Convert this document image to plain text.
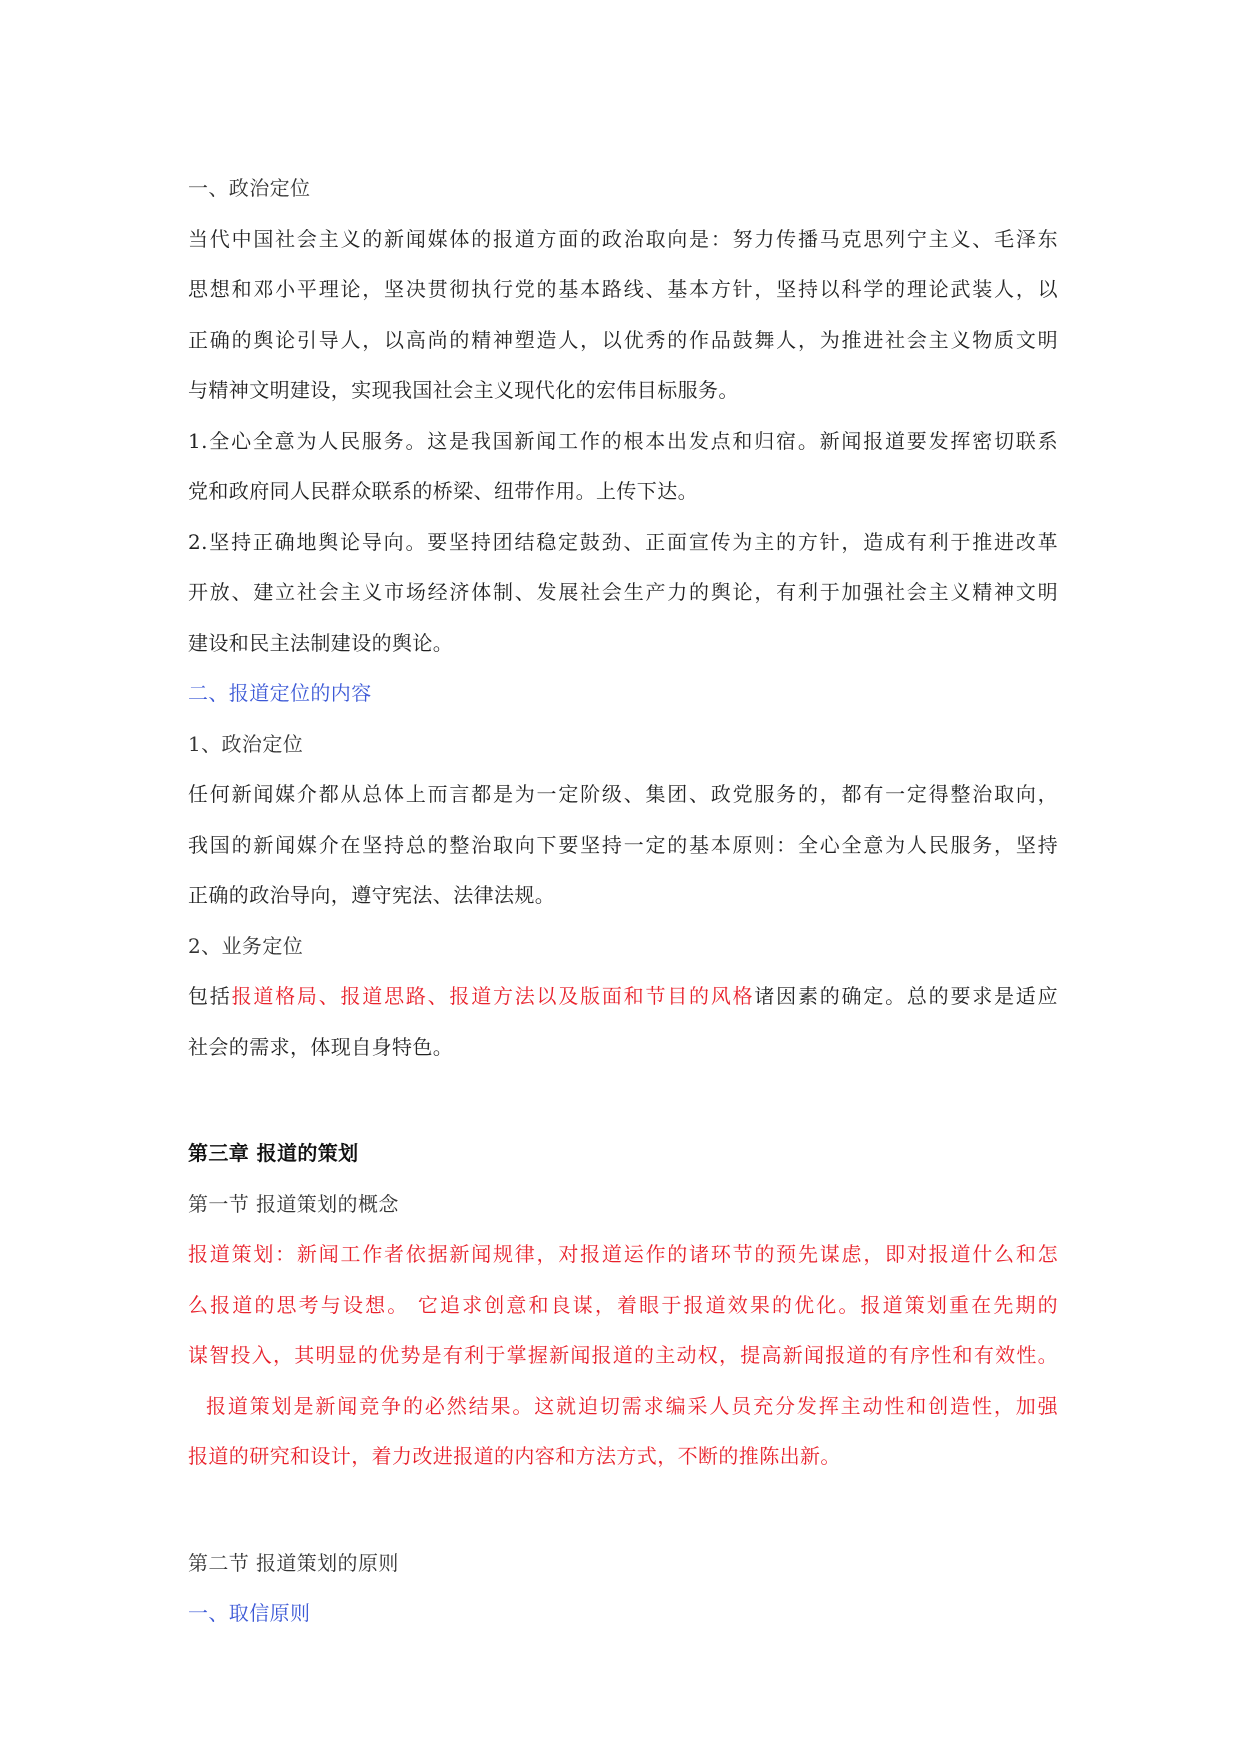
一、政治定位
当代中国社会主义的新闻媒体的报道方面的政治取向是：努力传播马克思列宁主义、毛泽东
思想和邓小平理论，坚决贯彻执行党的基本路线、基本方针，坚持以科学的理论武装人，以
正确的舆论引导人，以高尚的精神塑造人，以优秀的作品鼓舞人，为推进社会主义物质文明
与精神文明建设，实现我国社会主义现代化的宏伟目标服务。
1.全心全意为人民服务。这是我国新闻工作的根本出发点和归宿。新闻报道要发挥密切联系
党和政府同人民群众联系的桥梁、纽带作用。上传下达。
2.坚持正确地舆论导向。要坚持团结稳定鼓劲、正面宣传为主的方针，造成有利于推进改革
开放、建立社会主义市场经济体制、发展社会生产力的舆论，有利于加强社会主义精神文明
建设和民主法制建设的舆论。
二、报道定位的内容
1、政治定位
任何新闻媒介都从总体上而言都是为一定阶级、集团、政党服务的，都有一定得整治取向，
我国的新闻媒介在坚持总的整治取向下要坚持一定的基本原则：全心全意为人民服务，坚持
正确的政治导向，遵守宪法、法律法规。
2、业务定位
包括报道格局、报道思路、报道方法以及版面和节目的风格诸因素的确定。总的要求是适应
社会的需求，体现自身特色。
第三章 报道的策划
第一节 报道策划的概念
报道策划：新闻工作者依据新闻规律，对报道运作的诸环节的预先谋虑，即对报道什么和怎
么报道的思考与设想。 它追求创意和良谋，着眼于报道效果的优化。报道策划重在先期的
谋智投入，其明显的优势是有利于掌握新闻报道的主动权，提高新闻报道的有序性和有效性。
报道策划是新闻竞争的必然结果。这就迫切需求编采人员充分发挥主动性和创造性，加强
报道的研究和设计，着力改进报道的内容和方法方式，不断的推陈出新。
第二节 报道策划的原则
一、取信原则
